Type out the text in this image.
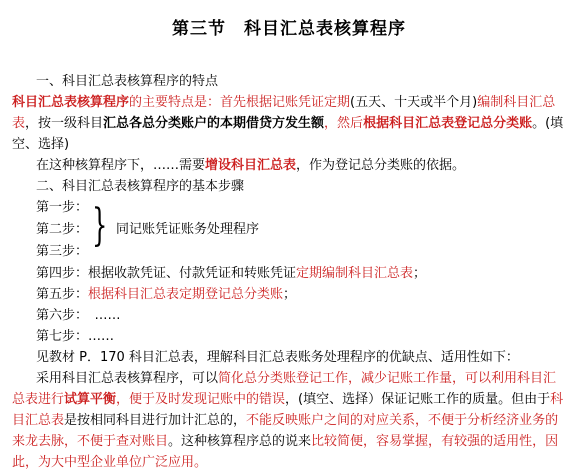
第三节　科目汇总表核算程序
一、科目汇总表核算程序的特点
科目汇总表核算程序的主要特点是：首先根据记账凭证定期(五天、十天或半个月)编制科目汇总表，按一级科目汇总各总分类账户的本期借贷方发生额，然后根据科目汇总表登记总分类账。(填空、选择)
在这种核算程序下，……需要增设科目汇总表，作为登记总分类账的依据。
二、科目汇总表核算程序的基本步骤
第一步：
第二步：
第三步：
} 同记账凭证账务处理程序
第四步：根据收款凭证、付款凭证和转账凭证定期编制科目汇总表；
第五步：根据科目汇总表定期登记总分类账；
第六步：　……
第七步：……
见教材 P．170 科目汇总表，理解科目汇总表账务处理程序的优缺点、适用性如下：
采用科目汇总表核算程序，可以简化总分类账登记工作，减少记账工作量，可以利用科目汇总表进行试算平衡，便于及时发现记账中的错误，(填空、选择）保证记账工作的质量。但由于科目汇总表是按相同科目进行加计汇总的，不能反映账户之间的对应关系，不便于分析经济业务的来龙去脉，不便于查对账目。这种核算程序总的说来比较简便，容易掌握，有较强的适用性，因此，为大中型企业单位广泛应用。
